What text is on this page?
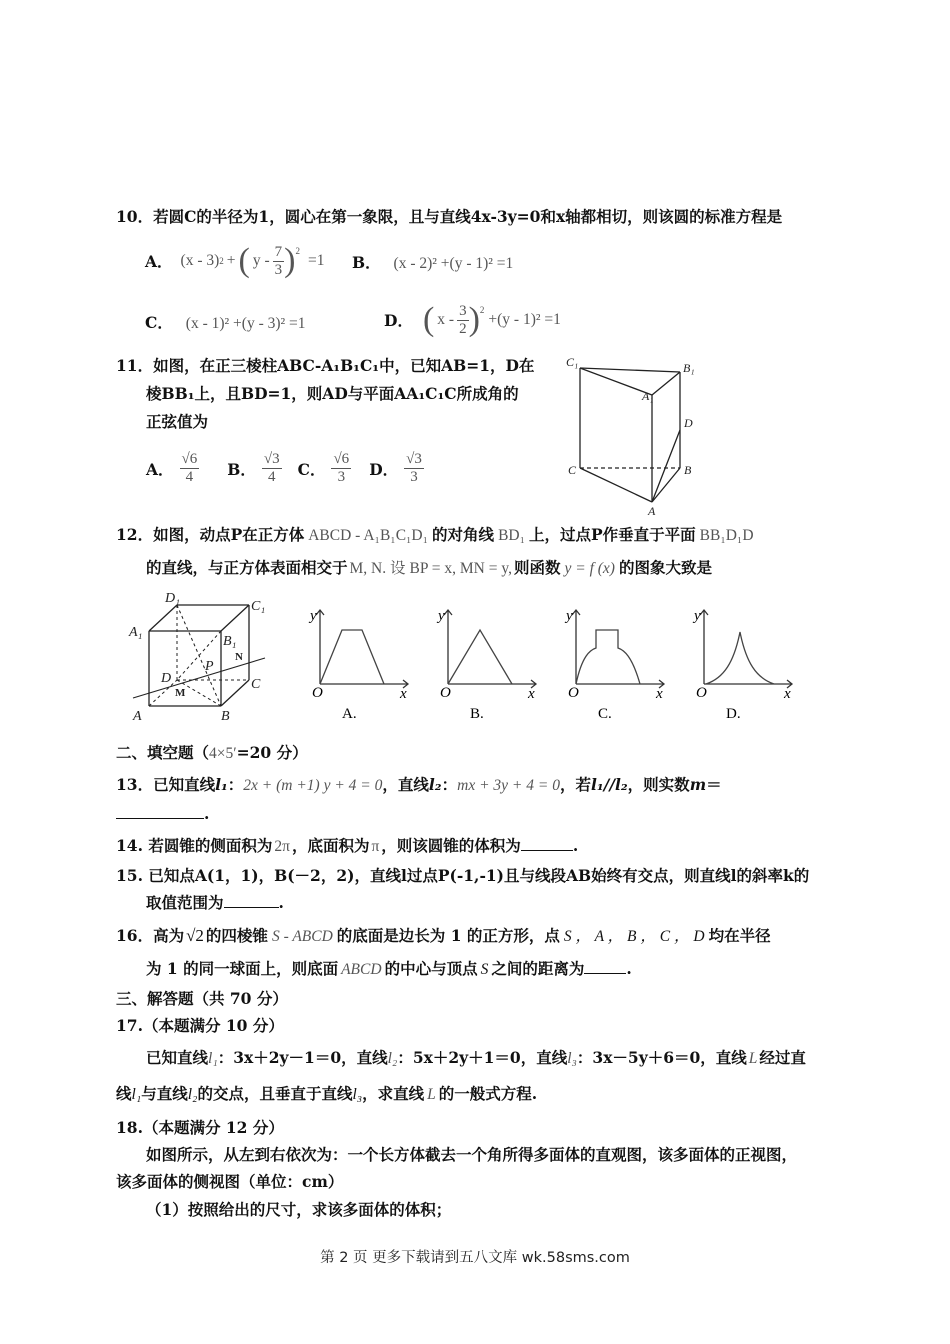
10．若圆C的半径为1，圆心在第一象限，且与直线4x-3y=0和x轴都相切，则该圆的标准方程是
A． (x - 3) 2 + ( y - $\frac{7}{3} )^2$
=1 B． (x - 2)² +(y - 1)² =1
C． (x - 1)² +(y - 3)² =1	D． ( x - $\frac{3}{2} )^2$
+(y - 1)² =1
11．如图，在正三棱柱ABC-A₁B₁C₁中，已知AB=1，D在
棱BB₁上，且BD=1，则AD与平面AA₁C₁C所成角的
正弦值为
A． $\frac{√6}{4}$ B． $\frac{√3}{4}$ C． $\frac{√6}{3}$ D． $\frac{√3}{3}$
C₁	B₁
A₁
D
C	B
A
12．如图，动点P在正方体 ABCD - A₁B₁C₁D₁ 的对角线 BD₁ 上，过点P作垂直于平面 BB₁D₁D
的直线，与正方体表面相交于 M, N. 设 BP = x, MN = y, 则函数 y = f (x) 的图象大致是
D₁
C₁
A₁
B₁
P
D	C
A	B
N
M
y
x
O
A.
y
x
O
B.
y
x
O
C.
y
x
O
D.
二、填空题（4×5′=20 分）
13．已知直线l₁：2x + (m +1) y + 4 = 0，直线l₂：mx + 3y + 4 = 0，若l₁//l₂，则实数m＝
.
14. 若圆锥的侧面积为 2π ，底面积为 π ，则该圆锥的体积为	.
15. 已知点A(1，1)，B(－2，2)，直线l过点P(-1,-1)且与线段AB始终有交点，则直线l的斜率k的
取值范围为	.
16．高为 √2 的四棱锥 S - ABCD 的底面是边长为 1 的正方形，点 S ， A ， B ， C ， D 均在半径
为 1 的同一球面上，则底面 ABCD 的中心与顶点 S 之间的距离为	.
三、解答题（共 70 分）
17.（本题满分 10 分）
已知直线l₁：3x＋2y－1＝0，直线l₂：5x＋2y＋1＝0，直线l₃：3x－5y＋6＝0，直线 L 经过直
线l₁与直线l₂的交点，且垂直于直线l₃，求直线 L 的一般式方程.
18.（本题满分 12 分）
如图所示，从左到右依次为：一个长方体截去一个角所得多面体的直观图，该多面体的正视图，
该多面体的侧视图（单位：cm）
（1）按照给出的尺寸，求该多面体的体积；
第 2 页 更多下载请到五八文库 wk.58sms.com
